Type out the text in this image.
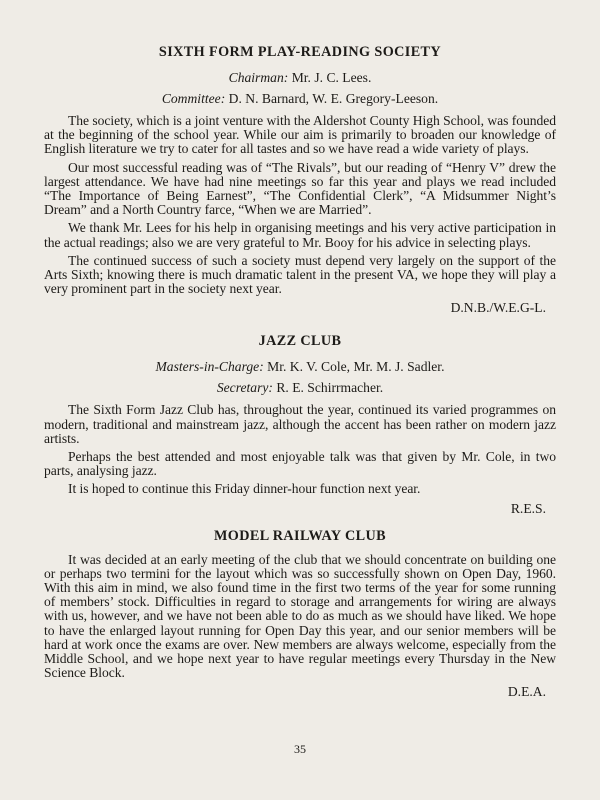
SIXTH FORM PLAY-READING SOCIETY
Chairman: Mr. J. C. Lees.
Committee: D. N. Barnard, W. E. Gregory-Leeson.

The society, which is a joint venture with the Aldershot County High School, was founded at the beginning of the school year. While our aim is primarily to broaden our knowledge of English literature we try to cater for all tastes and so we have read a wide variety of plays.

Our most successful reading was of “The Rivals”, but our reading of “Henry V” drew the largest attendance. We have had nine meetings so far this year and plays we read included “The Importance of Being Earnest”, “The Confidential Clerk”, “A Midsummer Night’s Dream” and a North Country farce, “When we are Married”.

We thank Mr. Lees for his help in organising meetings and his very active participation in the actual readings; also we are very grateful to Mr. Booy for his advice in selecting plays.

The continued success of such a society must depend very largely on the support of the Arts Sixth; knowing there is much dramatic talent in the present VA, we hope they will play a very prominent part in the society next year.

D.N.B./W.E.G-L.
JAZZ CLUB
Masters-in-Charge: Mr. K. V. Cole, Mr. M. J. Sadler.
Secretary: R. E. Schirrmacher.

The Sixth Form Jazz Club has, throughout the year, continued its varied programmes on modern, traditional and mainstream jazz, although the accent has been rather on modern jazz artists.

Perhaps the best attended and most enjoyable talk was that given by Mr. Cole, in two parts, analysing jazz.

It is hoped to continue this Friday dinner-hour function next year.

R.E.S.
MODEL RAILWAY CLUB

It was decided at an early meeting of the club that we should concentrate on building one or perhaps two termini for the layout which was so successfully shown on Open Day, 1960. With this aim in mind, we also found time in the first two terms of the year for some running of members’ stock. Difficulties in regard to storage and arrangements for wiring are always with us, however, and we have not been able to do as much as we should have liked. We hope to have the enlarged layout running for Open Day this year, and our senior members will be hard at work once the exams are over. New members are always welcome, especially from the Middle School, and we hope next year to have regular meetings every Thursday in the New Science Block.

D.E.A.
35
